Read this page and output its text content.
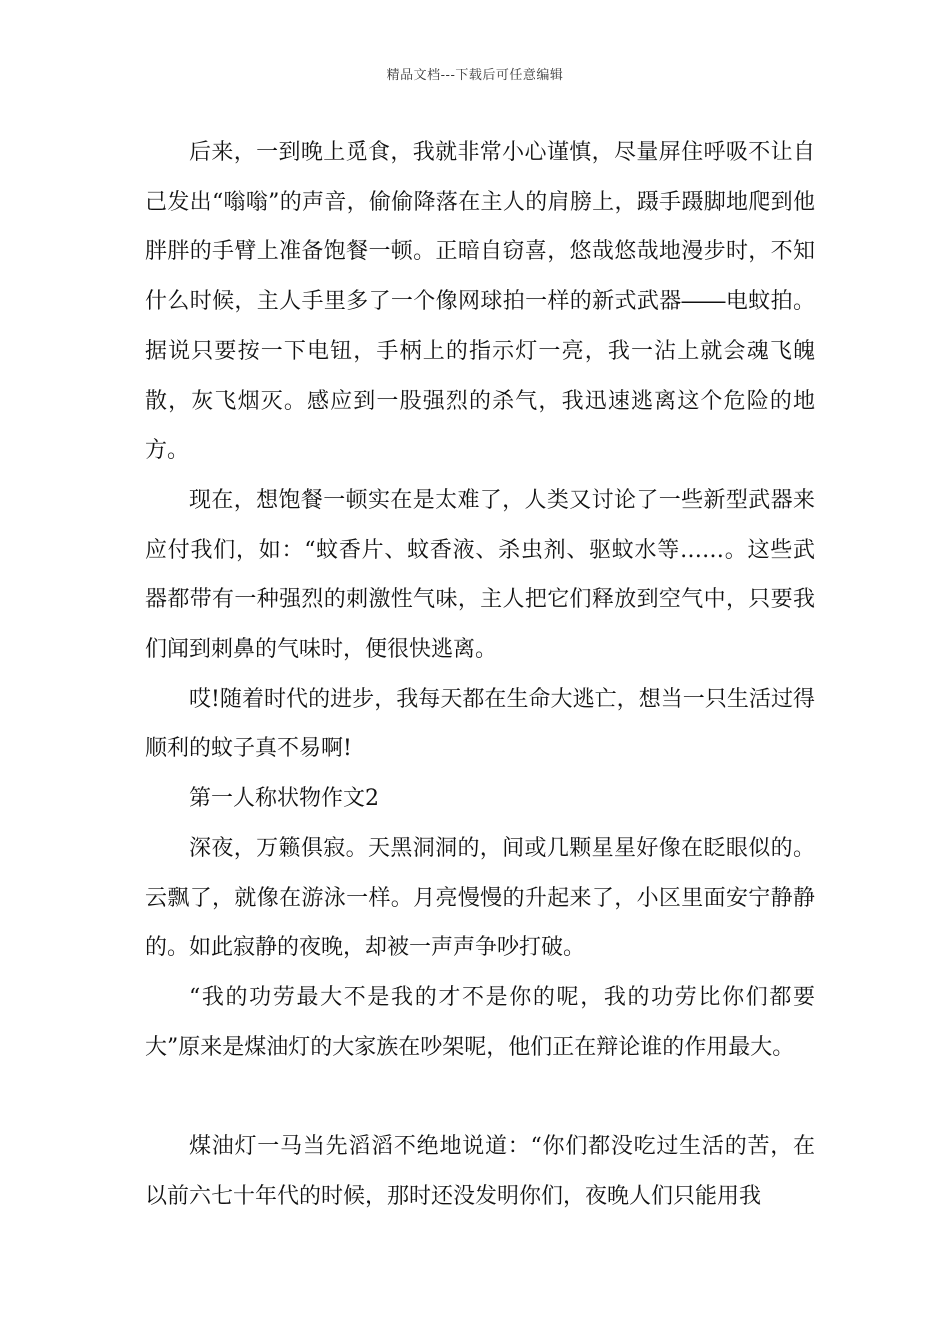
精品文档---下载后可任意编辑

后来，一到晚上觅食，我就非常小心谨慎，尽量屏住呼吸不让自己发出“嗡嗡”的声音，偷偷降落在主人的肩膀上，蹑手蹑脚地爬到他胖胖的手臂上准备饱餐一顿。正暗自窃喜，悠哉悠哉地漫步时，不知什么时候，主人手里多了一个像网球拍一样的新式武器――电蚊拍。据说只要按一下电钮，手柄上的指示灯一亮，我一沾上就会魂飞魄散，灰飞烟灭。感应到一股强烈的杀气，我迅速逃离这个危险的地方。

现在，想饱餐一顿实在是太难了，人类又讨论了一些新型武器来应付我们，如：“蚊香片、蚊香液、杀虫剂、驱蚊水等……。这些武器都带有一种强烈的刺激性气味，主人把它们释放到空气中，只要我们闻到刺鼻的气味时，便很快逃离。

哎!随着时代的进步，我每天都在生命大逃亡，想当一只生活过得顺利的蚊子真不易啊!

第一人称状物作文2

深夜，万籁俱寂。天黑洞洞的，间或几颗星星好像在眨眼似的。云飘了，就像在游泳一样。月亮慢慢的升起来了，小区里面安宁静静的。如此寂静的夜晚，却被一声声争吵打破。

“我的功劳最大不是我的才不是你的呢，我的功劳比你们都要大”原来是煤油灯的大家族在吵架呢，他们正在辩论谁的作用最大。

煤油灯一马当先滔滔不绝地说道：“你们都没吃过生活的苦，在以前六七十年代的时候，那时还没发明你们，夜晚人们只能用我
